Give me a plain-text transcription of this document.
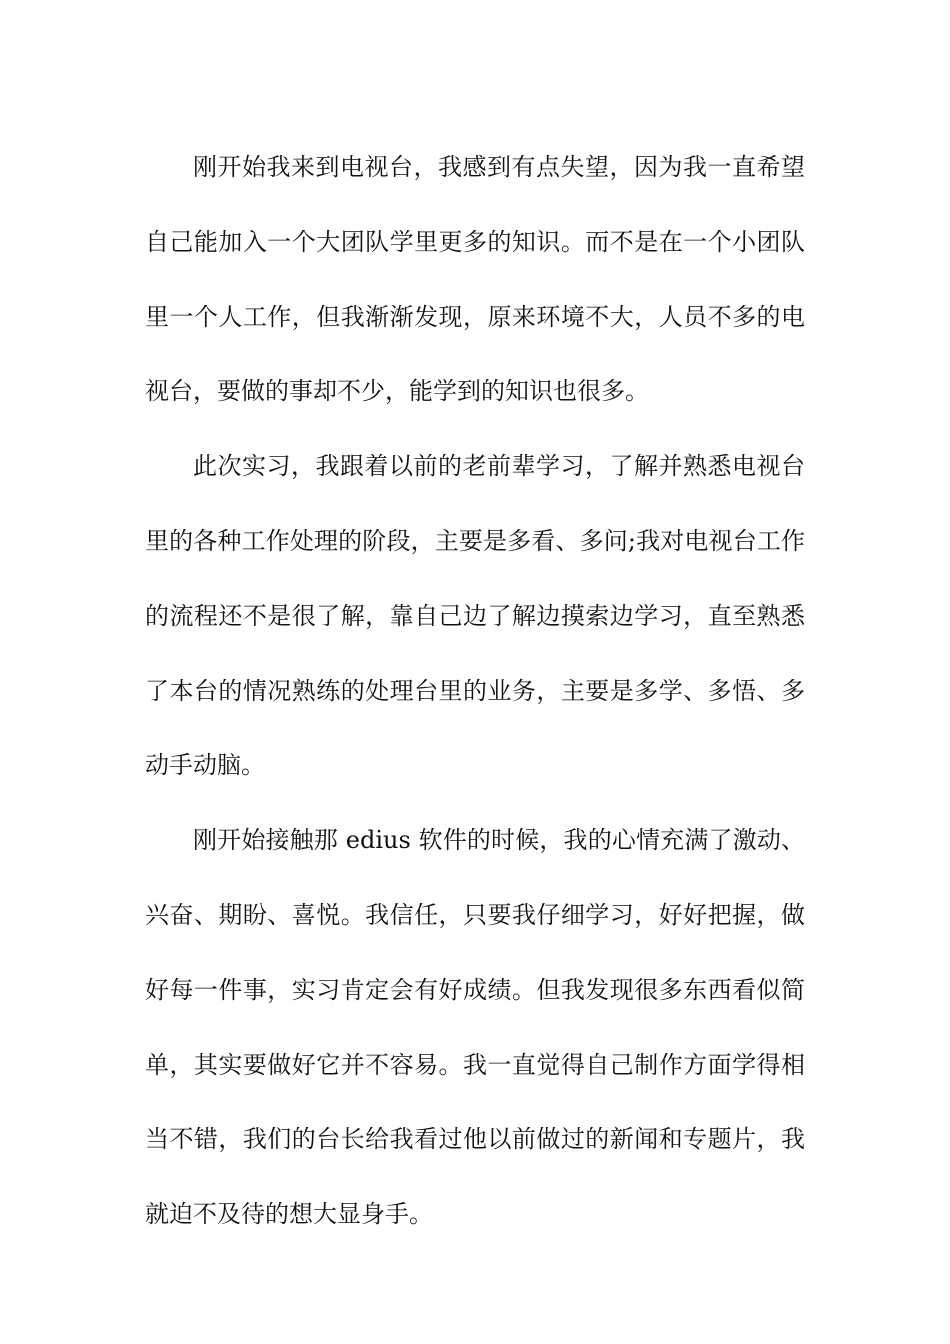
刚开始我来到电视台，我感到有点失望，因为我一直希望
自己能加入一个大团队学里更多的知识。而不是在一个小团队
里一个人工作，但我渐渐发现，原来环境不大，人员不多的电
视台，要做的事却不少，能学到的知识也很多。
此次实习，我跟着以前的老前辈学习，了解并熟悉电视台
里的各种工作处理的阶段，主要是多看、多问;我对电视台工作
的流程还不是很了解，靠自己边了解边摸索边学习，直至熟悉
了本台的情况熟练的处理台里的业务，主要是多学、多悟、多
动手动脑。
刚开始接触那 edius 软件的时候，我的心情充满了激动、
兴奋、期盼、喜悦。我信任，只要我仔细学习，好好把握，做
好每一件事，实习肯定会有好成绩。但我发现很多东西看似简
单，其实要做好它并不容易。我一直觉得自己制作方面学得相
当不错，我们的台长给我看过他以前做过的新闻和专题片，我
就迫不及待的想大显身手。
